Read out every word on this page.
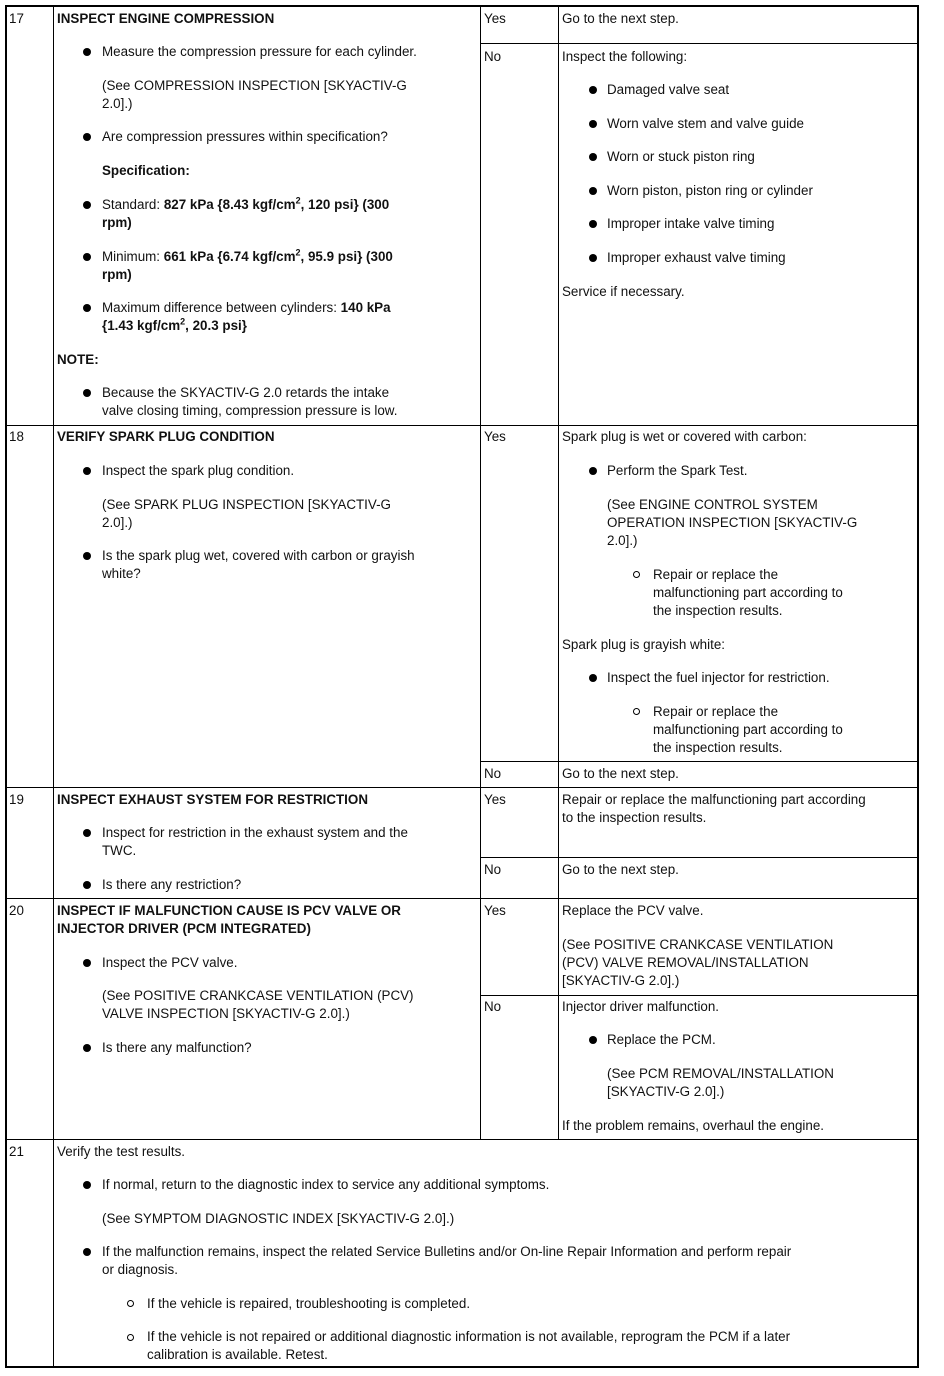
17 INSPECT ENGINE COMPRESSION
Measure the compression pressure for each cylinder.
(See COMPRESSION INSPECTION [SKYACTIV-G
2.0].)
Are compression pressures within specification?
Specification:
Standard: 827 kPa {8.43 kgf/$cm^2$, 120 psi} (300
rpm)
Minimum: 661 kPa {6.74 kgf/$cm^2$, 95.9 psi} (300
rpm)
Maximum difference between cylinders: 140 kPa
{1.43 kgf/$cm^2$, 20.3 psi}
NOTE:
Because the SKYACTIV-G 2.0 retards the intake
valve closing timing, compression pressure is low.
Yes	Go to the next step.
No	Inspect the following:
Damaged valve seat
Worn valve stem and valve guide
Worn or stuck piston ring
Worn piston, piston ring or cylinder
Improper intake valve timing
Improper exhaust valve timing
Service if necessary.
18 VERIFY SPARK PLUG CONDITION
Inspect the spark plug condition.
(See SPARK PLUG INSPECTION [SKYACTIV-G
2.0].)
Is the spark plug wet, covered with carbon or grayish
white?
Yes	Spark plug is wet or covered with carbon:
Perform the Spark Test.
(See ENGINE CONTROL SYSTEM
OPERATION INSPECTION [SKYACTIV-G
2.0].)
Repair or replace the
malfunctioning part according to
the inspection results.
Spark plug is grayish white:
Inspect the fuel injector for restriction.
Repair or replace the
malfunctioning part according to
the inspection results.
No	Go to the next step.
19 INSPECT EXHAUST SYSTEM FOR RESTRICTION
Inspect for restriction in the exhaust system and the
TWC.
Is there any restriction?
Yes	Repair or replace the malfunctioning part according
to the inspection results.
No	Go to the next step.
20 INSPECT IF MALFUNCTION CAUSE IS PCV VALVE OR
INJECTOR DRIVER (PCM INTEGRATED)
Inspect the PCV valve.
(See POSITIVE CRANKCASE VENTILATION (PCV)
VALVE INSPECTION [SKYACTIV-G 2.0].)
Is there any malfunction?
Yes	Replace the PCV valve.
(See POSITIVE CRANKCASE VENTILATION
(PCV) VALVE REMOVAL/INSTALLATION
[SKYACTIV-G 2.0].)
No	Injector driver malfunction.
Replace the PCM.
(See PCM REMOVAL/INSTALLATION
[SKYACTIV-G 2.0].)
If the problem remains, overhaul the engine.
21 Verify the test results.
If normal, return to the diagnostic index to service any additional symptoms.
(See SYMPTOM DIAGNOSTIC INDEX [SKYACTIV-G 2.0].)
If the malfunction remains, inspect the related Service Bulletins and/or On-line Repair Information and perform repair
or diagnosis.
If the vehicle is repaired, troubleshooting is completed.
If the vehicle is not repaired or additional diagnostic information is not available, reprogram the PCM if a later
calibration is available. Retest.
